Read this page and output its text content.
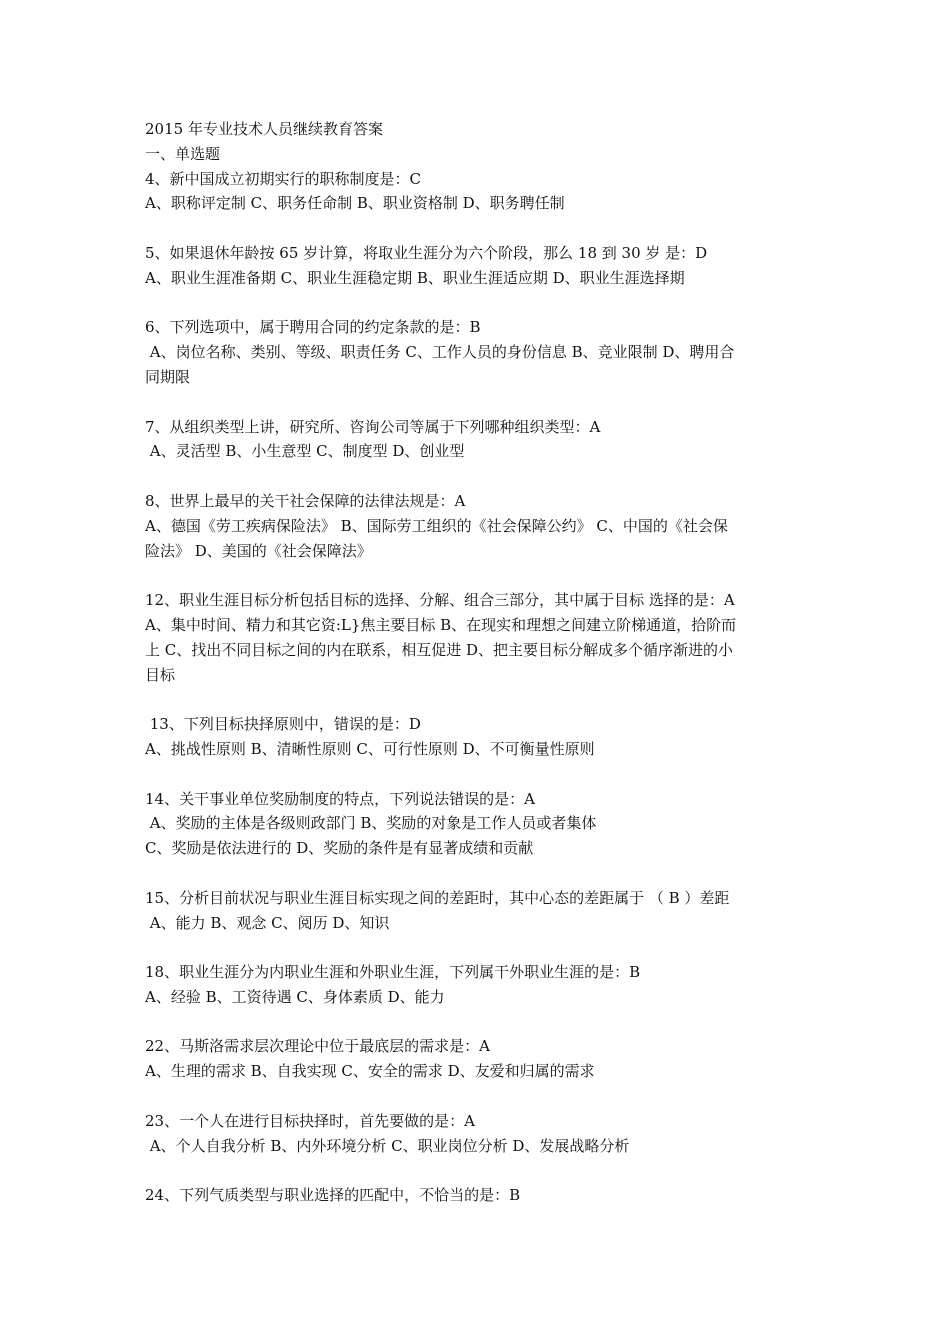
2015 年专业技术人员继续教育答案
一、单选题
4、新中国成立初期实行的职称制度是：C
A、职称评定制 C、职务任命制 B、职业资格制 D、职务聘任制
5、如果退休年龄按 65 岁计算，将取业生涯分为六个阶段，那么 18 到 30 岁 是：D
A、职业生涯准备期 C、职业生涯稳定期 B、职业生涯适应期 D、职业生涯选择期
6、下列选项中，属于聘用合同的约定条款的是：B
A、岗位名称、类别、等级、职责任务 C、工作人员的身份信息 B、竞业限制 D、聘用合
同期限
7、从组织类型上讲，研究所、咨询公司等属于下列哪种组织类型：A
A、灵活型 B、小生意型 C、制度型 D、创业型
8、世界上最早的关干社会保障的法律法规是：A
A、德国《劳工疾病保险法》 B、国际劳工组织的《社会保障公约》 C、中国的《社会保
险法》 D、美国的《社会保障法》
12、职业生涯目标分析包括目标的选择、分解、组合三部分，其中属于目标 选择的是：A
A、集中时间、精力和其它资:L}焦主要目标 B、在现实和理想之间建立阶梯通道，拾阶而
上 C、找出不同目标之间的内在联系，相互促进 D、把主要目标分解成多个循序渐进的小
目标
13、下列目标抉择原则中，错误的是：D
A、挑战性原则 B、清晰性原则 C、可行性原则 D、不可衡量性原则
14、关干事业单位奖励制度的特点，下列说法错误的是：A
A、奖励的主体是各级则政部门 B、奖励的对象是工作人员或者集体
C、奖励是依法进行的 D、奖励的条件是有显著成绩和贡献
15、分析目前状况与职业生涯目标实现之间的差距时，其中心态的差距属于 （ B ）差距
A、能力 B、观念 C、阅历 D、知识
18、职业生涯分为内职业生涯和外职业生涯，下列属干外职业生涯的是：B
A、经验 B、工资待遇 C、身体素质 D、能力
22、马斯洛需求层次理论中位于最底层的需求是：A
A、生理的需求 B、自我实现 C、安全的需求 D、友爱和归属的需求
23、一个人在进行目标抉择时，首先要做的是：A
A、个人自我分析 B、内外环境分析 C、职业岗位分析 D、发展战略分析
24、下列气质类型与职业选择的匹配中，不恰当的是：B
